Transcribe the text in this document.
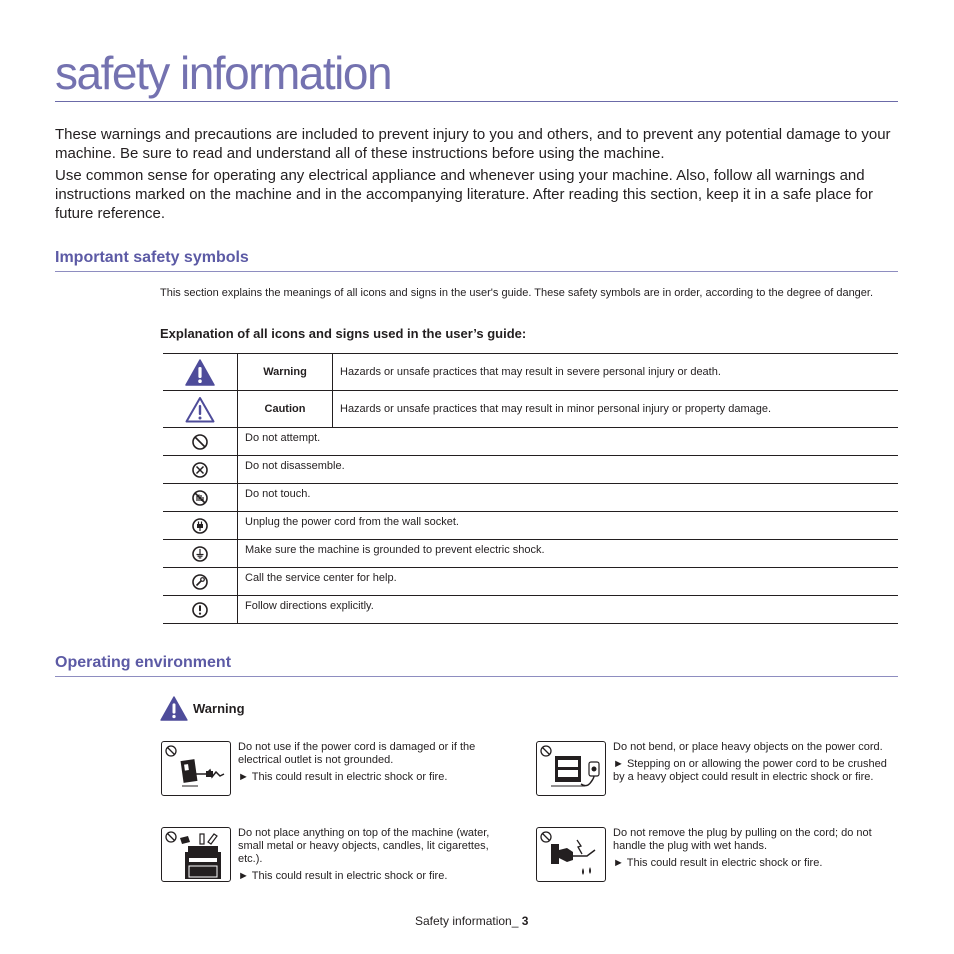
safety information

These warnings and precautions are included to prevent injury to you and others, and to prevent any potential damage to your machine. Be sure to read and understand all of these instructions before using the machine.

Use common sense for operating any electrical appliance and whenever using your machine. Also, follow all warnings and instructions marked on the machine and in the accompanying literature. After reading this section, keep it in a safe place for future reference.

Important safety symbols
This section explains the meanings of all icons and signs in the user's guide. These safety symbols are in order, according to the degree of danger.
Explanation of all icons and signs used in the user’s guide:
	Warning	Hazards or unsafe practices that may result in severe personal injury or death.

	Caution	Hazards or unsafe practices that may result in minor personal injury or property damage.

	Do not attempt.	

	Do not disassemble.	

	Do not touch.	

	Unplug the power cord from the wall socket.	

	Make sure the machine is grounded to prevent electric shock.	

	Call the service center for help.	

	Follow directions explicitly.	
Operating environment
Warning

Do not use if the power cord is damaged or if the electrical outlet is not grounded.

► This could result in electric shock or fire.

Do not bend, or place heavy objects on the power cord.

► Stepping on or allowing the power cord to be crushed by a heavy object could result in electric shock or fire.

Do not place anything on top of the machine (water, small metal or heavy objects, candles, lit cigarettes, etc.).

► This could result in electric shock or fire.

Do not remove the plug by pulling on the cord; do not handle the plug with wet hands.

► This could result in electric shock or fire.

Safety information_ 3
